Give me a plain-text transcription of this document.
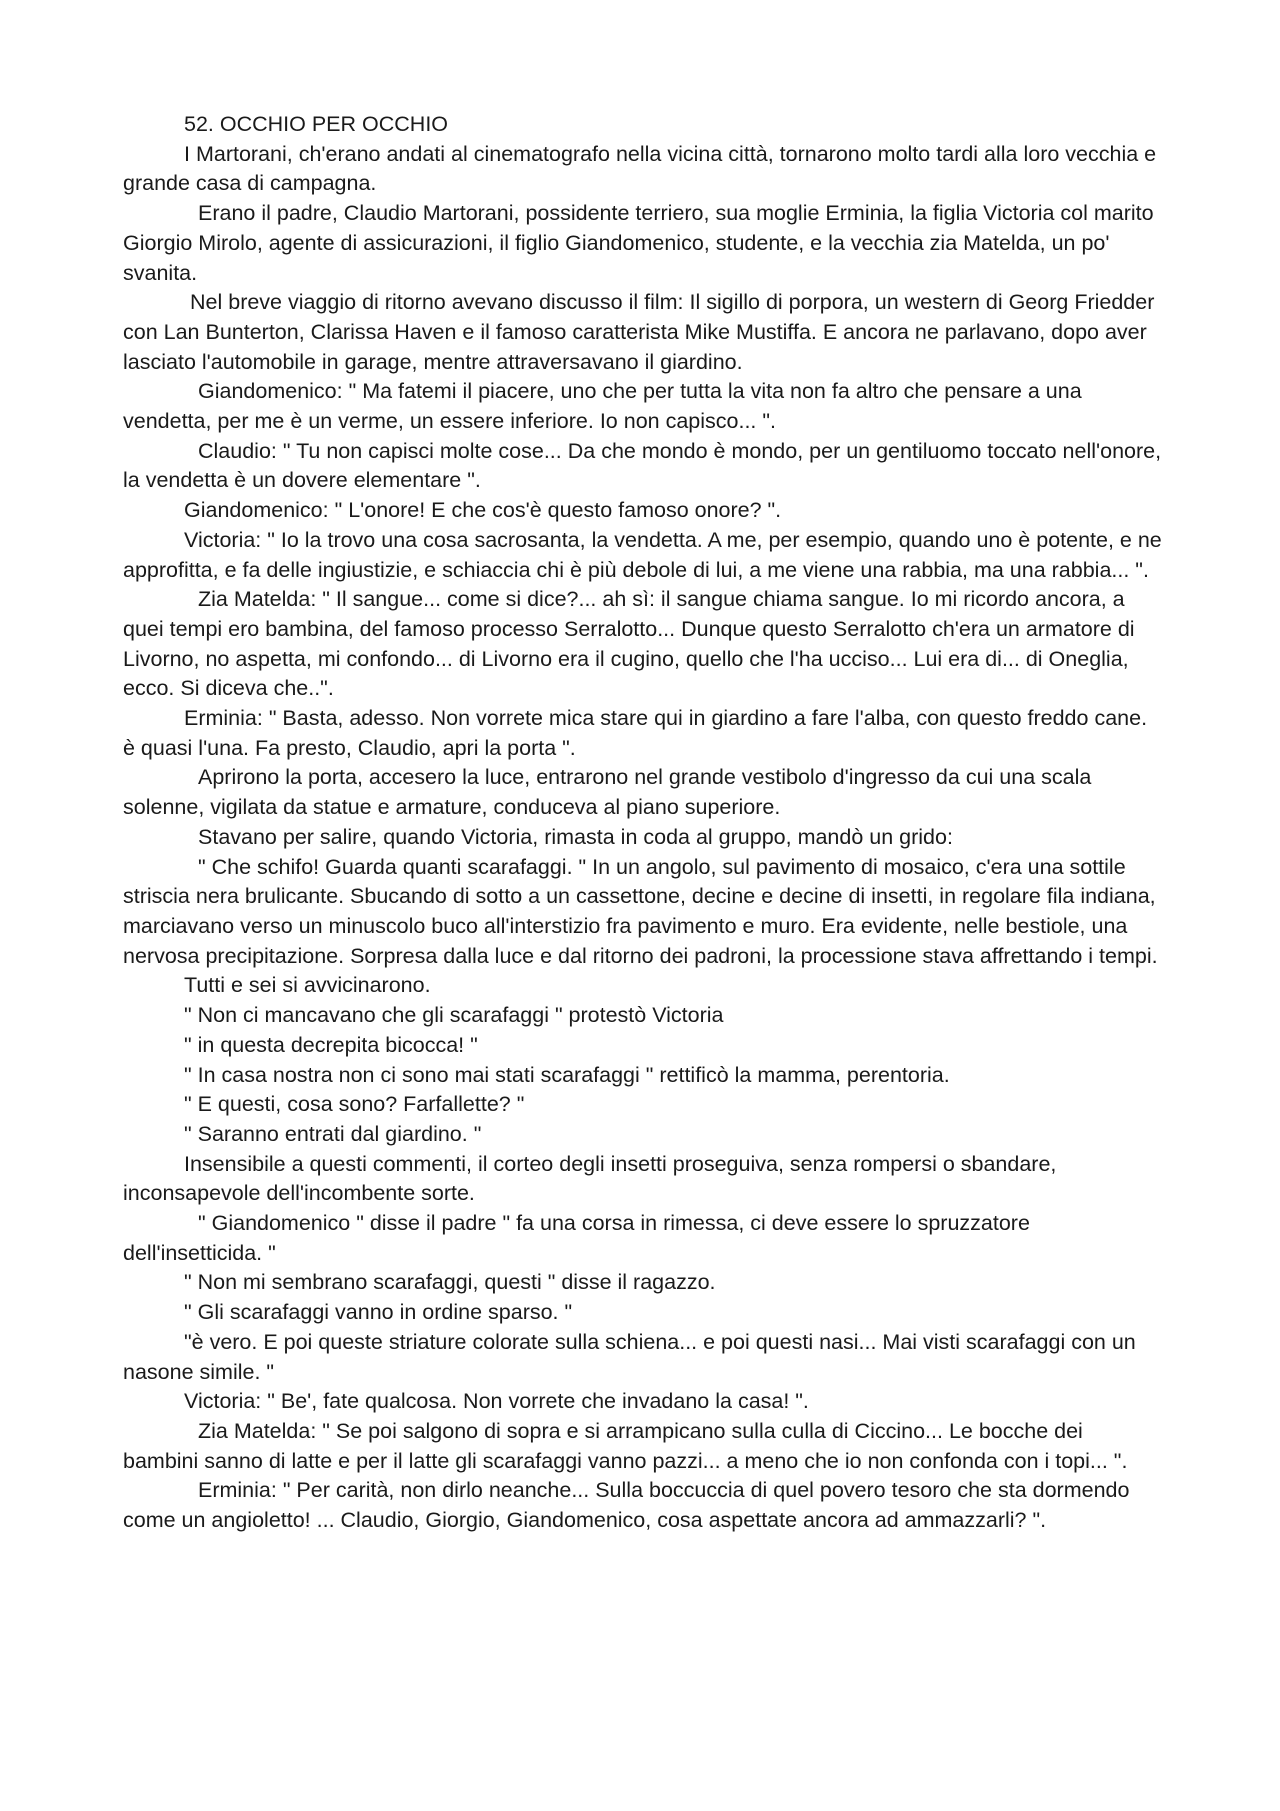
52. OCCHIO PER OCCHIO

I Martorani, ch'erano andati al cinematografo nella vicina città, tornarono molto tardi alla loro vecchia e grande casa di campagna.

Erano il padre, Claudio Martorani, possidente terriero, sua moglie Erminia, la figlia Victoria col marito Giorgio Mirolo, agente di assicurazioni, il figlio Giandomenico, studente, e la vecchia zia Matelda, un po' svanita.

Nel breve viaggio di ritorno avevano discusso il film: Il sigillo di porpora, un western di Georg Friedder con Lan Bunterton, Clarissa Haven e il famoso caratterista Mike Mustiffa. E ancora ne parlavano, dopo aver lasciato l'automobile in garage, mentre attraversavano il giardino.

Giandomenico: " Ma fatemi il piacere, uno che per tutta la vita non fa altro che pensare a una vendetta, per me è un verme, un essere inferiore. Io non capisco... ".

Claudio: " Tu non capisci molte cose... Da che mondo è mondo, per un gentiluomo toccato nell'onore, la vendetta è un dovere elementare ".

Giandomenico: " L'onore! E che cos'è questo famoso onore? ".

Victoria: " Io la trovo una cosa sacrosanta, la vendetta. A me, per esempio, quando uno è potente, e ne approfitta, e fa delle ingiustizie, e schiaccia chi è più debole di lui, a me viene una rabbia, ma una rabbia... ".

Zia Matelda: " Il sangue... come si dice?... ah sì: il sangue chiama sangue. Io mi ricordo ancora, a quei tempi ero bambina, del famoso processo Serralotto... Dunque questo Serralotto ch'era un armatore di Livorno, no aspetta, mi confondo... di Livorno era il cugino, quello che l'ha ucciso... Lui era di... di Oneglia, ecco. Si diceva che..".

Erminia: " Basta, adesso. Non vorrete mica stare qui in giardino a fare l'alba, con questo freddo cane. è quasi l'una. Fa presto, Claudio, apri la porta ".

Aprirono la porta, accesero la luce, entrarono nel grande vestibolo d'ingresso da cui una scala solenne, vigilata da statue e armature, conduceva al piano superiore.

Stavano per salire, quando Victoria, rimasta in coda al gruppo, mandò un grido:

" Che schifo! Guarda quanti scarafaggi. " In un angolo, sul pavimento di mosaico, c'era una sottile striscia nera brulicante. Sbucando di sotto a un cassettone, decine e decine di insetti, in regolare fila indiana, marciavano verso un minuscolo buco all'interstizio fra pavimento e muro. Era evidente, nelle bestiole, una nervosa precipitazione. Sorpresa dalla luce e dal ritorno dei padroni, la processione stava affrettando i tempi.

Tutti e sei si avvicinarono.

" Non ci mancavano che gli scarafaggi " protestò Victoria

" in questa decrepita bicocca! "

" In casa nostra non ci sono mai stati scarafaggi " rettificò la mamma, perentoria.

" E questi, cosa sono? Farfallette? "

" Saranno entrati dal giardino. "

Insensibile a questi commenti, il corteo degli insetti proseguiva, senza rompersi o sbandare, inconsapevole dell'incombente sorte.

" Giandomenico " disse il padre " fa una corsa in rimessa, ci deve essere lo spruzzatore dell'insetticida. "

" Non mi sembrano scarafaggi, questi " disse il ragazzo.

" Gli scarafaggi vanno in ordine sparso. "

"è vero. E poi queste striature colorate sulla schiena... e poi questi nasi... Mai visti scarafaggi con un nasone simile. "

Victoria: " Be', fate qualcosa. Non vorrete che invadano la casa! ".

Zia Matelda: " Se poi salgono di sopra e si arrampicano sulla culla di Ciccino... Le bocche dei bambini sanno di latte e per il latte gli scarafaggi vanno pazzi... a meno che io non confonda con i topi... ".

Erminia: " Per carità, non dirlo neanche... Sulla boccuccia di quel povero tesoro che sta dormendo come un angioletto! ... Claudio, Giorgio, Giandomenico, cosa aspettate ancora ad ammazzarli? ".
